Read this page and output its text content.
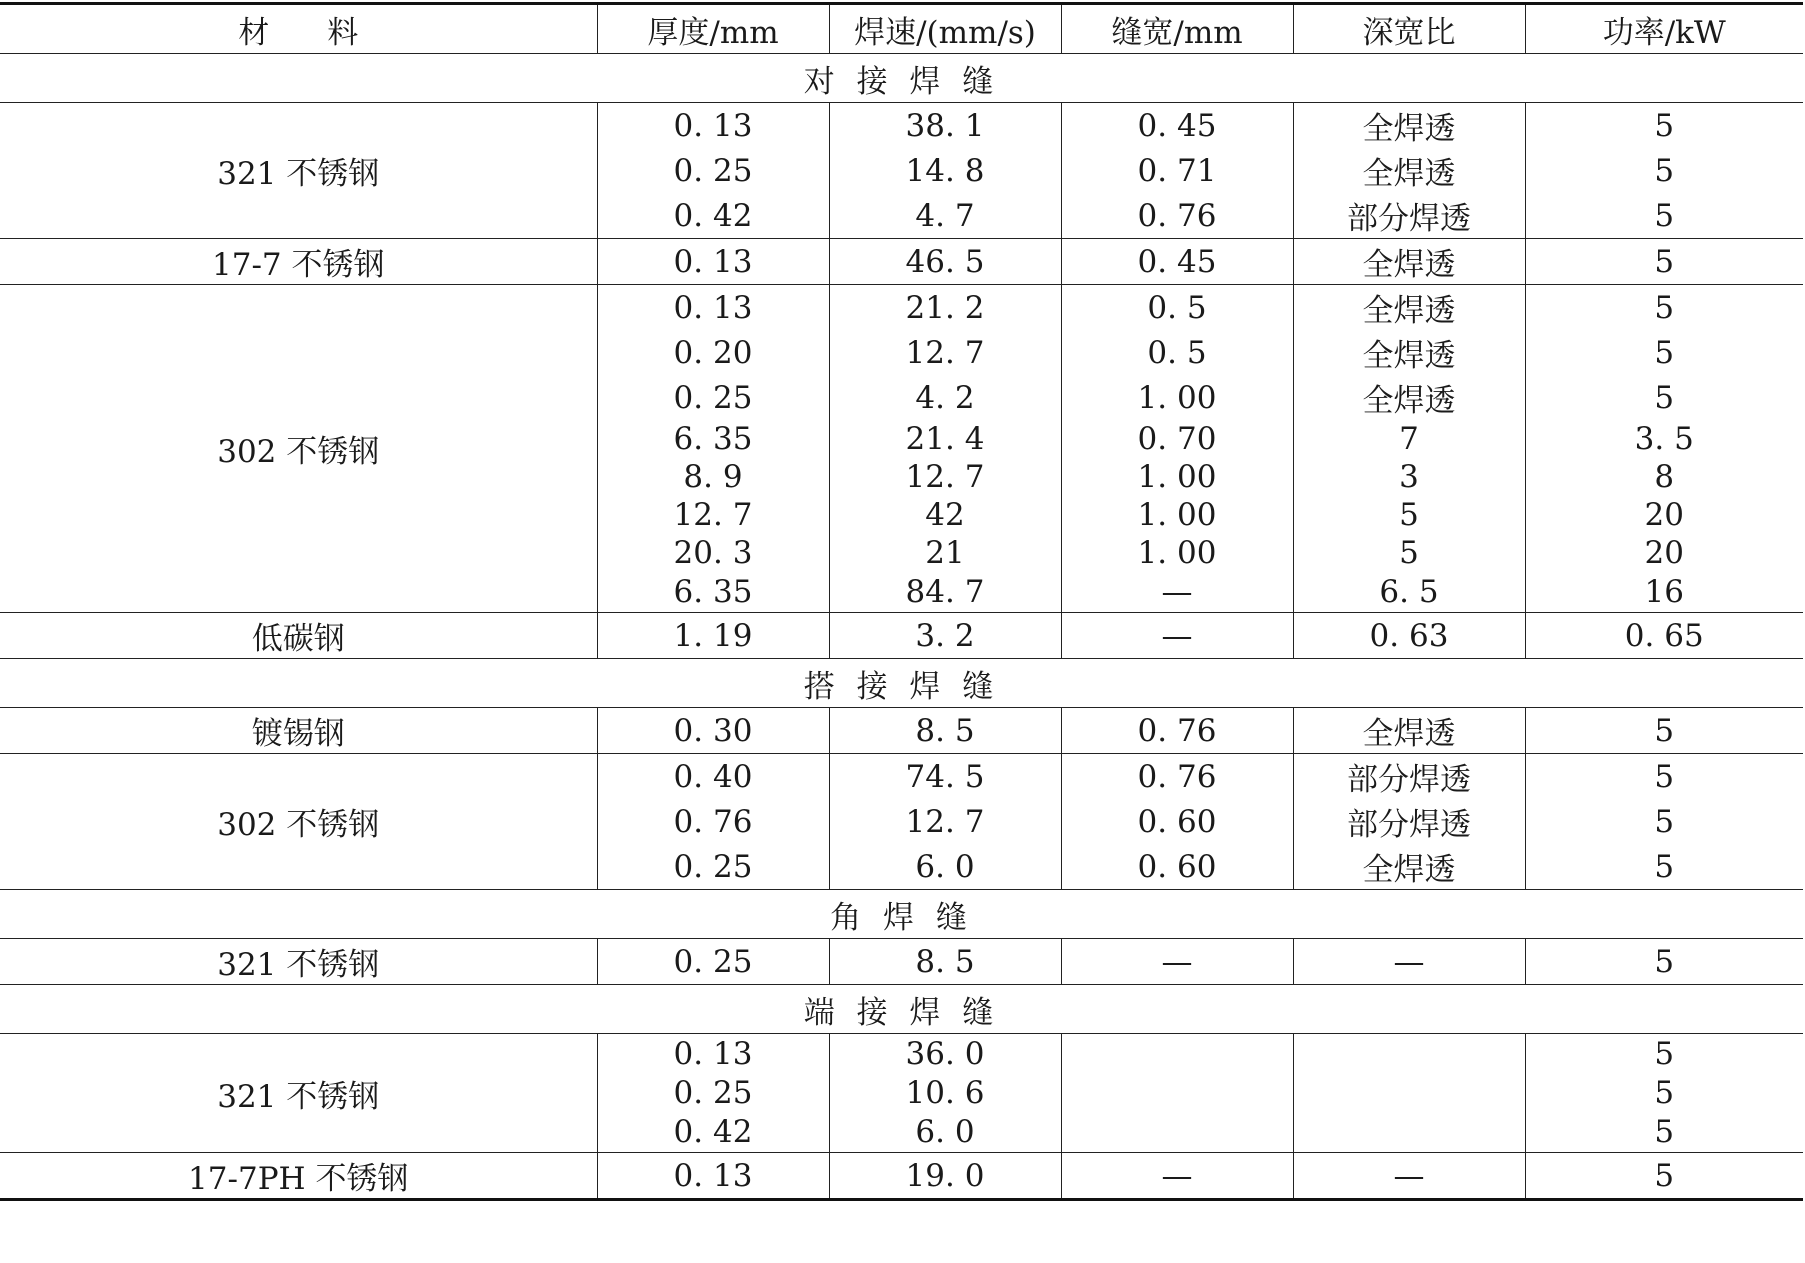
材 料	厚度/mm	焊速/(mm/s)	缝宽/mm	深宽比	功率/kW
对 接 焊 缝					
321 不锈钢	0. 13	38. 1	0. 45	全焊透	5
	0. 25	14. 8	0. 71	全焊透	5
	0. 42	4. 7	0. 76	部分焊透	5
17-7 不锈钢	0. 13	46. 5	0. 45	全焊透	5
302 不锈钢	0. 13	21. 2	0. 5	全焊透	5
	0. 20	12. 7	0. 5	全焊透	5
	0. 25	4. 2	1. 00	全焊透	5
	6. 35	21. 4	0. 70	7	3. 5
	8. 9	12. 7	1. 00	3	8
	12. 7	42	1. 00	5	20
	20. 3	21	1. 00	5	20
	6. 35	84. 7	—	6. 5	16
低碳钢	1. 19	3. 2	—	0. 63	0. 65
搭 接 焊 缝					
镀锡钢	0. 30	8. 5	0. 76	全焊透	5
302 不锈钢	0. 40	74. 5	0. 76	部分焊透	5
	0. 76	12. 7	0. 60	部分焊透	5
	0. 25	6. 0	0. 60	全焊透	5
角 焊 缝					
321 不锈钢	0. 25	8. 5	—	—	5
端 接 焊 缝					
321 不锈钢	0. 13	36. 0			5
	0. 25	10. 6			5
	0. 42	6. 0			5
17-7PH 不锈钢	0. 13	19. 0	—	—	5
